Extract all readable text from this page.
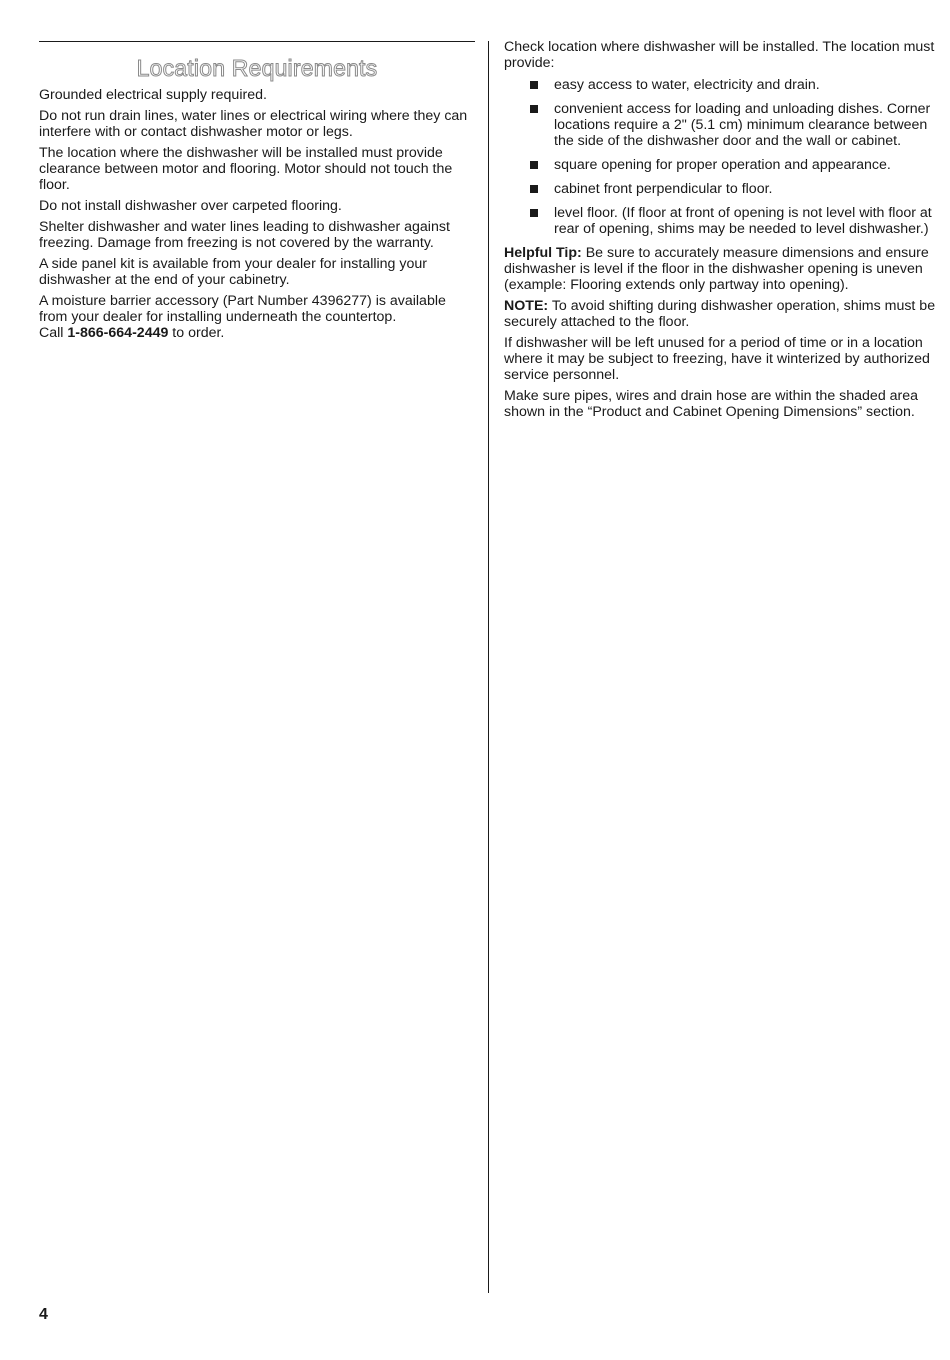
Location Requirements

Grounded electrical supply required.

Do not run drain lines, water lines or electrical wiring where they can interfere with or contact dishwasher motor or legs.

The location where the dishwasher will be installed must provide clearance between motor and flooring. Motor should not touch the floor.

Do not install dishwasher over carpeted flooring.

Shelter dishwasher and water lines leading to dishwasher against freezing. Damage from freezing is not covered by the warranty.

A side panel kit is available from your dealer for installing your dishwasher at the end of your cabinetry.

A moisture barrier accessory (Part Number 4396277) is available from your dealer for installing underneath the countertop.

Call 1-866-664-2449 to order.

Check location where dishwasher will be installed. The location must provide:

easy access to water, electricity and drain.
convenient access for loading and unloading dishes. Corner locations require a 2" (5.1 cm) minimum clearance between the side of the dishwasher door and the wall or cabinet.
square opening for proper operation and appearance.
cabinet front perpendicular to floor.
level floor. (If floor at front of opening is not level with floor at rear of opening, shims may be needed to level dishwasher.)

Helpful Tip: Be sure to accurately measure dimensions and ensure dishwasher is level if the floor in the dishwasher opening is uneven (example: Flooring extends only partway into opening).

NOTE: To avoid shifting during dishwasher operation, shims must be securely attached to the floor.

If dishwasher will be left unused for a period of time or in a location where it may be subject to freezing, have it winterized by authorized service personnel.

Make sure pipes, wires and drain hose are within the shaded area shown in the “Product and Cabinet Opening Dimensions” section.

4
